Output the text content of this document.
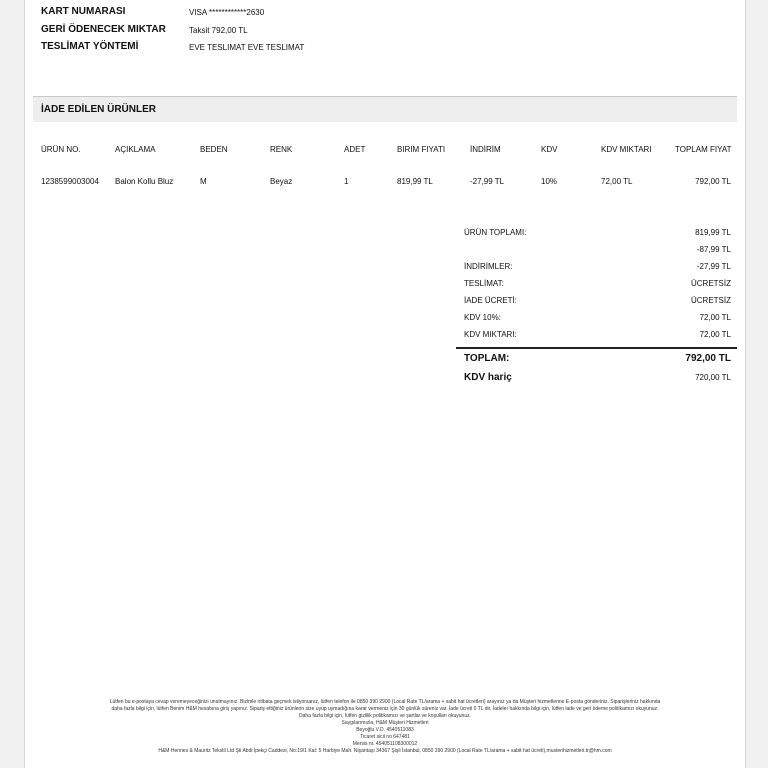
KART NUMARASI	VISA ************2630
GERİ ÖDENECEK MIKTAR	Taksit 792,00 TL
TESLİMAT YÖNTEMİ	EVE TESLIMAT EVE TESLIMAT
İADE EDİLEN ÜRÜNLER
ÜRÜN NO.	AÇIKLAMA	BEDEN	RENK	ADET	BIRIM FIYATI	İNDİRİM	KDV	KDV MIKTARI	TOPLAM FIYAT
1238599003004 Balon Kollu Bluz	M	Beyaz	1	819,99 TL	-27,99 TL	10%	72,00 TL	792,00 TL
ÜRÜN TOPLAMI:	819,99 TL
-87,99 TL
İNDİRİMLER:	-27,99 TL
TESLİMAT:	ÜCRETSİZ
İADE ÜCRETİ:	ÜCRETSİZ
KDV 10%:	72,00 TL
KDV MIKTARI:	72,00 TL
TOPLAM:	792,00 TL
KDV hariç	720,00 TL
Lütfen bu e-postaya cevap veremeyeceğinizi unutmayınız. Bizimle irtibata geçmek istiyorsanız, lütfen telefon ile 0850 390 2900 (Local Rate TL/arama + sabit hat ücretleri) arayınız ya da Müşteri hizmetlerine E-posta gönderiniz. Siparişleriniz hakkında
daha fazla bilgi için, lütfen Benim H&M hesabına giriş yapınız. Sipariş ettiğiniz ürünlerin size uyup uymadığına karar vermeniz için 30 günlük süreniz var. İade ücreti 0 TL dir. İadeler hakkında bilgi için, lütfen iade ve geri ödeme politikamızı okuyunuz.
Daha fazla bilgi için, lütfen gizlilik politikamızı ve şartlar ve koşulları okuyunuz.
Saygılarımızla, H&M Müşteri Hizmetleri
Beyoğlu V.D. 4540511083
Ticaret sicil no 647481
Mersis nr. 454051108300012
H&M Hennes & Mauritz Tekstil Ltd Şti Abdi İpekçi Caddesi, No:19/1 Kat: 5 Harbiye Mah. Nişantaşı 34367 Şişli İstanbul, 0850 390 2900 (Local Rate TL/arama + sabit hat ücreti),musterihizmetleri.tr@hm.com
